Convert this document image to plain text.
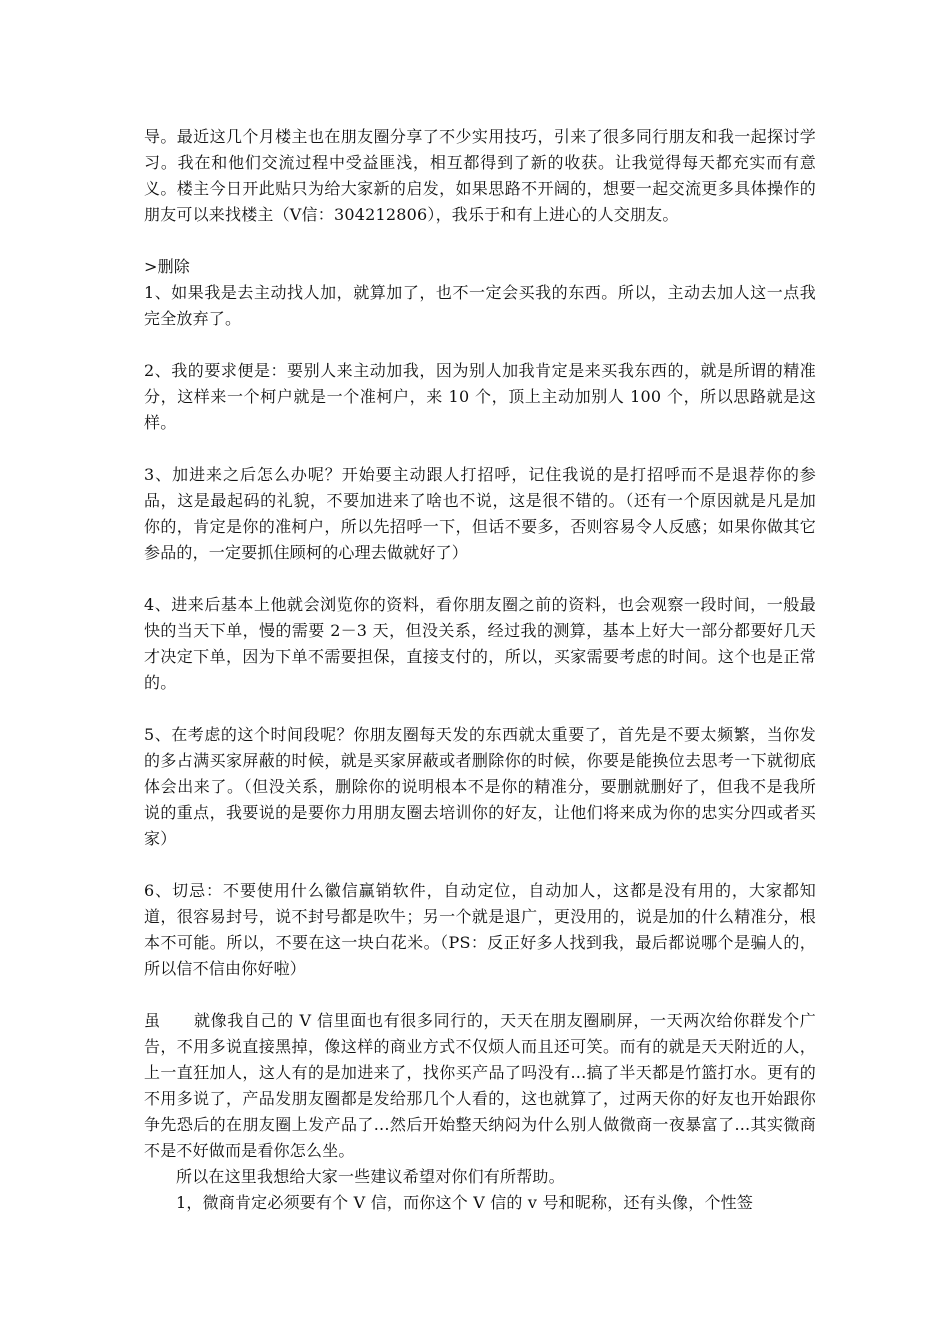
导。最近这几个月楼主也在朋友圈分享了不少实用技巧，引来了很多同行朋友和我一起探讨学习。我在和他们交流过程中受益匪浅，相互都得到了新的收获。让我觉得每天都充实而有意义。楼主今日开此贴只为给大家新的启发，如果思路不开阔的，想要一起交流更多具体操作的朋友可以来找楼主（V信：304212806），我乐于和有上进心的人交朋友。

>删除

1、如果我是去主动找人加，就算加了，也不一定会买我的东西。所以，主动去加人这一点我完全放弃了。

2、我的要求便是：要别人来主动加我，因为别人加我肯定是来买我东西的，就是所谓的精准分，这样来一个柯户就是一个准柯户，来 10 个，顶上主动加别人 100 个，所以思路就是这样。

3、加进来之后怎么办呢？开始要主动跟人打招呼，记住我说的是打招呼而不是退荐你的参品，这是最起码的礼貌，不要加进来了啥也不说，这是很不错的。（还有一个原因就是凡是加你的，肯定是你的准柯户，所以先招呼一下，但话不要多，否则容易令人反感；如果你做其它参品的，一定要抓住顾柯的心理去做就好了）

4、进来后基本上他就会浏览你的资料，看你朋友圈之前的资料，也会观察一段时间，一般最快的当天下单，慢的需要 2－3 天，但没关系，经过我的测算，基本上好大一部分都要好几天才决定下单，因为下单不需要担保，直接支付的，所以，买家需要考虑的时间。这个也是正常的。

5、在考虑的这个时间段呢？你朋友圈每天发的东西就太重要了，首先是不要太频繁，当你发的多占满买家屏蔽的时候，就是买家屏蔽或者删除你的时候，你要是能换位去思考一下就彻底体会出来了。（但没关系，删除你的说明根本不是你的精准分，要删就删好了，但我不是我所说的重点，我要说的是要你力用朋友圈去培训你的好友，让他们将来成为你的忠实分四或者买家）

6、切忌：不要使用什么徽信赢销软件，自动定位，自动加人，这都是没有用的，大家都知道，很容易封号，说不封号都是吹牛；另一个就是退广，更没用的，说是加的什么精准分，根本不可能。所以，不要在这一块白花米。（PS：反正好多人找到我，最后都说哪个是骗人的，所以信不信由你好啦）

虽　　就像我自己的 V 信里面也有很多同行的，天天在朋友圈刷屏，一天两次给你群发个广告，不用多说直接黑掉，像这样的商业方式不仅烦人而且还可笑。而有的就是天天附近的人，上一直狂加人，这人有的是加进来了，找你买产品了吗没有...搞了半天都是竹篮打水。更有的不用多说了，产品发朋友圈都是发给那几个人看的，这也就算了，过两天你的好友也开始跟你争先恐后的在朋友圈上发产品了...然后开始整天纳闷为什么别人做微商一夜暴富了...其实微商不是不好做而是看你怎么坐。

所以在这里我想给大家一些建议希望对你们有所帮助。

1，微商肯定必须要有个 V 信，而你这个 V 信的 v 号和昵称，还有头像，个性签
